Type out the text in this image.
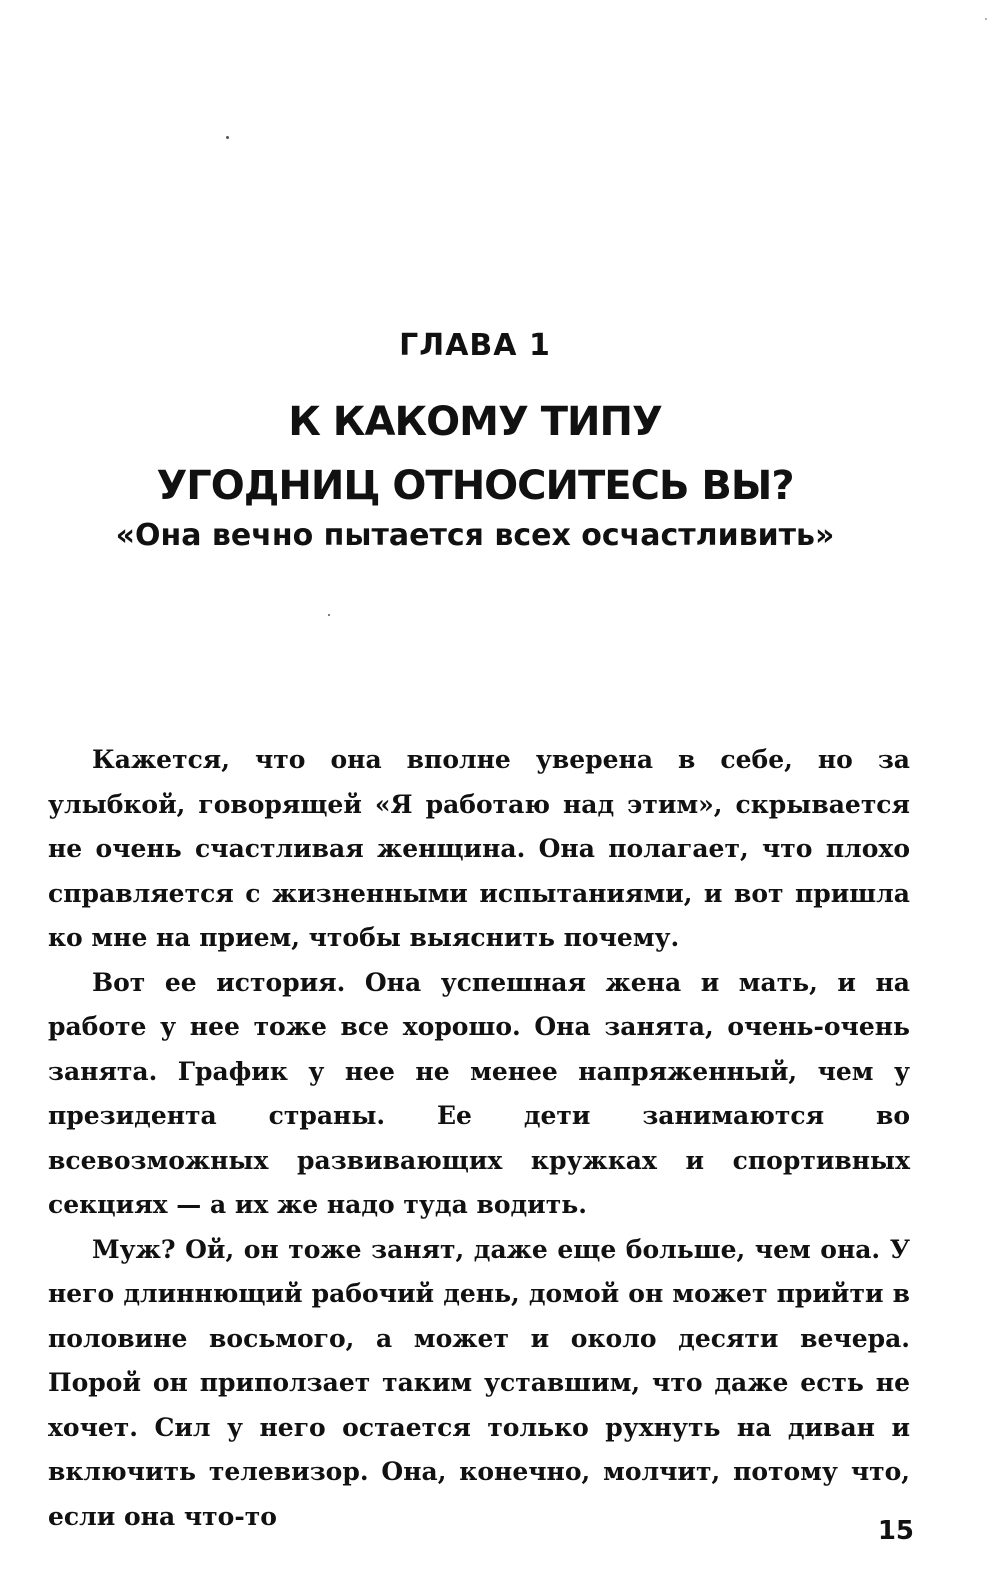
ГЛАВА 1
К КАКОМУ ТИПУ
УГОДНИЦ ОТНОСИТЕСЬ ВЫ?
«Она вечно пытается всех осчастливить»

Кажется, что она вполне уверена в себе, но за улыбкой, говорящей «Я работаю над этим», скрывается не очень счастливая женщина. Она полагает, что плохо справляется с жизненными испытаниями, и вот пришла ко мне на прием, чтобы выяснить почему.

Вот ее история. Она успешная жена и мать, и на работе у нее тоже все хорошо. Она занята, очень-очень занята. График у нее не менее напряженный, чем у президента страны. Ее дети занимаются во всевозможных развивающих кружках и спортивных секциях — а их же надо туда водить.

Муж? Ой, он тоже занят, даже еще больше, чем она. У него длиннющий рабочий день, домой он может прийти в половине восьмого, а может и около десяти вечера. Порой он приползает таким уставшим, что даже есть не хочет. Сил у него остается только рухнуть на диван и включить телевизор. Она, конечно, молчит, потому что, если она что-то	15
